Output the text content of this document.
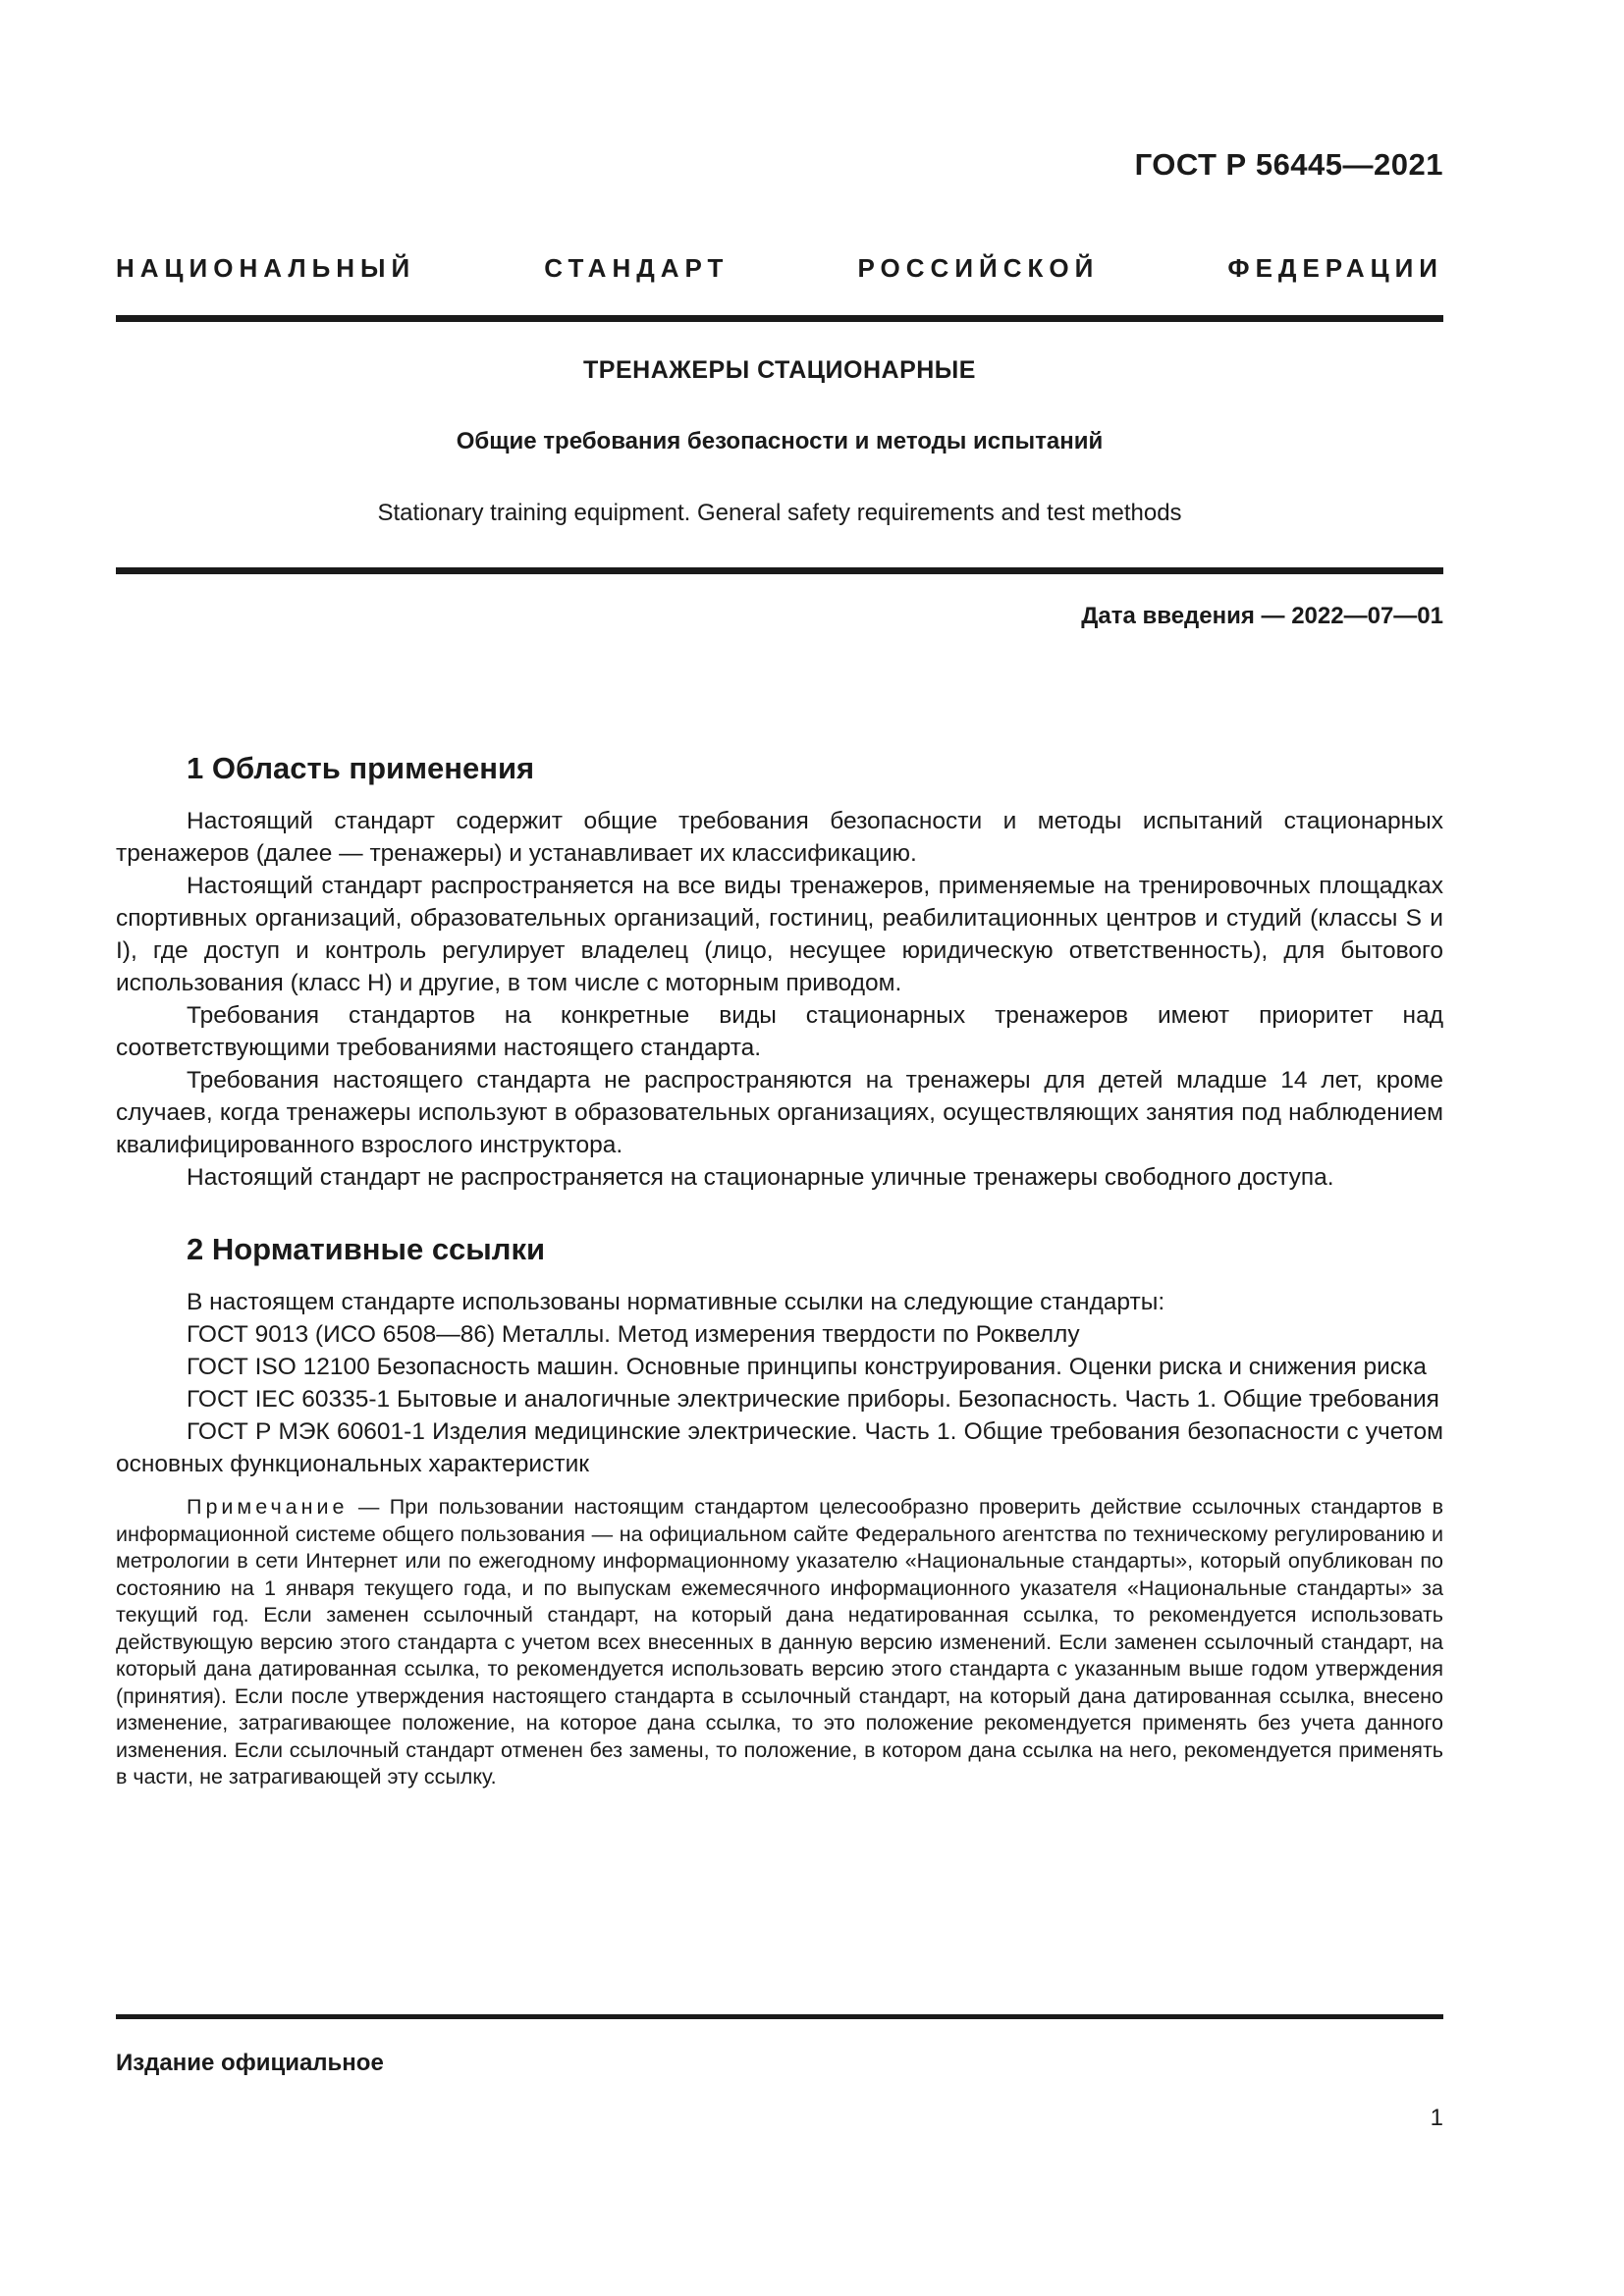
ГОСТ Р 56445—2021
НАЦИОНАЛЬНЫЙ СТАНДАРТ РОССИЙСКОЙ ФЕДЕРАЦИИ
ТРЕНАЖЕРЫ СТАЦИОНАРНЫЕ
Общие требования безопасности и методы испытаний
Stationary training equipment. General safety requirements and test methods
Дата введения — 2022—07—01
1 Область применения

Настоящий стандарт содержит общие требования безопасности и методы испытаний стационарных тренажеров (далее — тренажеры) и устанавливает их классификацию.

Настоящий стандарт распространяется на все виды тренажеров, применяемые на тренировочных площадках спортивных организаций, образовательных организаций, гостиниц, реабилитационных центров и студий (классы S и I), где доступ и контроль регулирует владелец (лицо, несущее юридическую ответственность), для бытового использования (класс H) и другие, в том числе с моторным приводом.

Требования стандартов на конкретные виды стационарных тренажеров имеют приоритет над соответствующими требованиями настоящего стандарта.

Требования настоящего стандарта не распространяются на тренажеры для детей младше 14 лет, кроме случаев, когда тренажеры используют в образовательных организациях, осуществляющих занятия под наблюдением квалифицированного взрослого инструктора.

Настоящий стандарт не распространяется на стационарные уличные тренажеры свободного доступа.

2 Нормативные ссылки

В настоящем стандарте использованы нормативные ссылки на следующие стандарты:

ГОСТ 9013 (ИСО 6508—86) Металлы. Метод измерения твердости по Роквеллу

ГОСТ ISO 12100 Безопасность машин. Основные принципы конструирования. Оценки риска и снижения риска

ГОСТ IEC 60335-1 Бытовые и аналогичные электрические приборы. Безопасность. Часть 1. Общие требования

ГОСТ Р МЭК 60601-1 Изделия медицинские электрические. Часть 1. Общие требования безопасности с учетом основных функциональных характеристик

Примечание — При пользовании настоящим стандартом целесообразно проверить действие ссылочных стандартов в информационной системе общего пользования — на официальном сайте Федерального агентства по техническому регулированию и метрологии в сети Интернет или по ежегодному информационному указателю «Национальные стандарты», который опубликован по состоянию на 1 января текущего года, и по выпускам ежемесячного информационного указателя «Национальные стандарты» за текущий год. Если заменен ссылочный стандарт, на который дана недатированная ссылка, то рекомендуется использовать действующую версию этого стандарта с учетом всех внесенных в данную версию изменений. Если заменен ссылочный стандарт, на который дана датированная ссылка, то рекомендуется использовать версию этого стандарта с указанным выше годом утверждения (принятия). Если после утверждения настоящего стандарта в ссылочный стандарт, на который дана датированная ссылка, внесено изменение, затрагивающее положение, на которое дана ссылка, то это положение рекомендуется применять без учета данного изменения. Если ссылочный стандарт отменен без замены, то положение, в котором дана ссылка на него, рекомендуется применять в части, не затрагивающей эту ссылку.

Издание официальное
1
